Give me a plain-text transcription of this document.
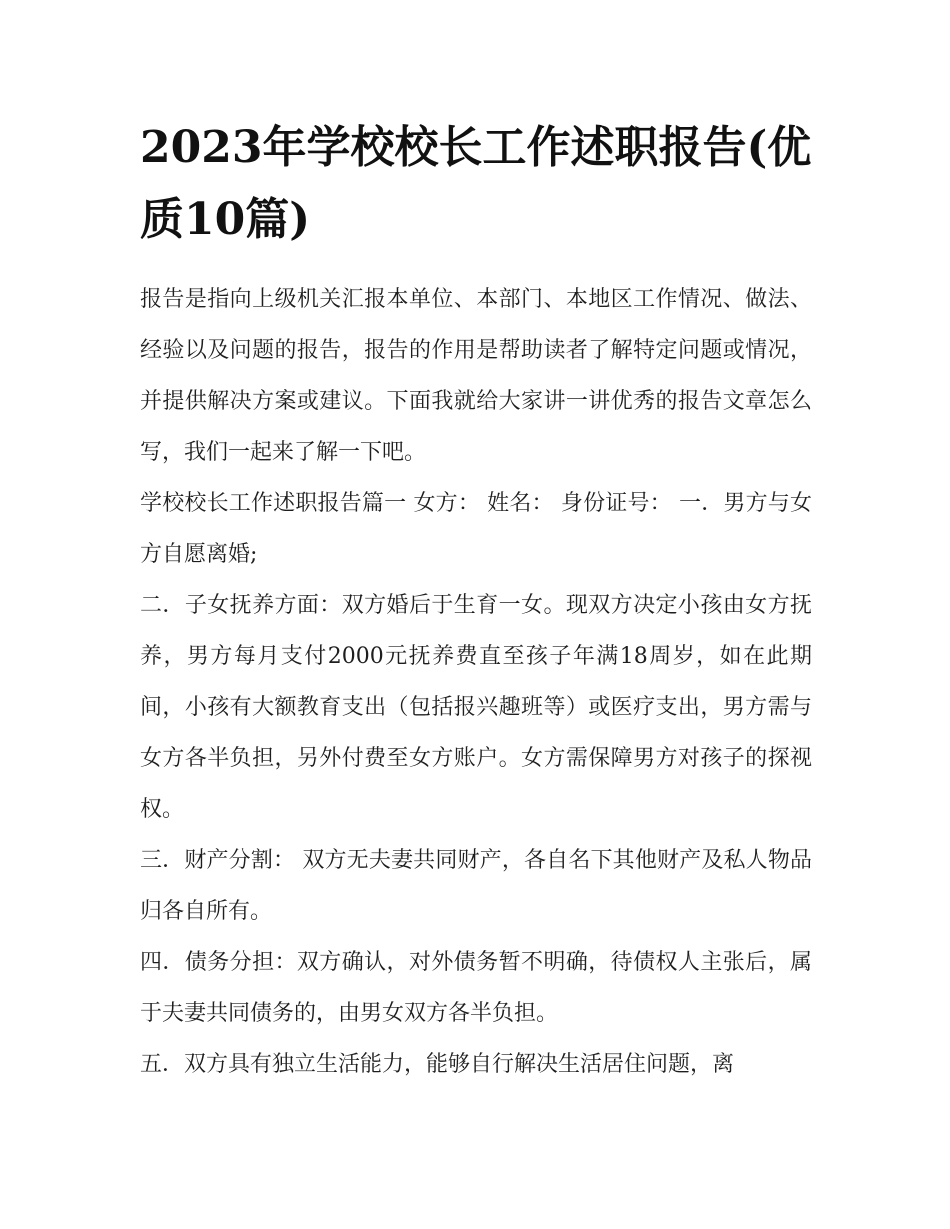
2023年学校校长工作述职报告(优质10篇)

报告是指向上级机关汇报本单位、本部门、本地区工作情况、做法、经验以及问题的报告，报告的作用是帮助读者了解特定问题或情况，并提供解决方案或建议。下面我就给大家讲一讲优秀的报告文章怎么写，我们一起来了解一下吧。

学校校长工作述职报告篇一 女方： 姓名： 身份证号： 一．男方与女方自愿离婚;

二．子女抚养方面：双方婚后于生育一女。现双方决定小孩由女方抚养，男方每月支付2000元抚养费直至孩子年满18周岁，如在此期间，小孩有大额教育支出（包括报兴趣班等）或医疗支出，男方需与女方各半负担，另外付费至女方账户。女方需保障男方对孩子的探视权。

三．财产分割： 双方无夫妻共同财产，各自名下其他财产及私人物品归各自所有。

四．债务分担：双方确认，对外债务暂不明确，待债权人主张后，属于夫妻共同债务的，由男女双方各半负担。

五．双方具有独立生活能力，能够自行解决生活居住问题，离
